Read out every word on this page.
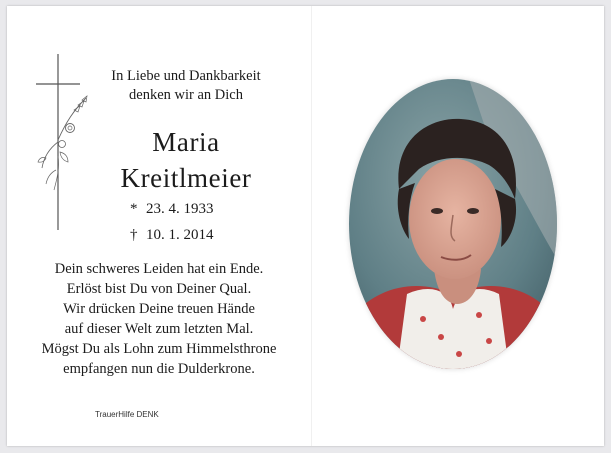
In Liebe und Dankbarkeit
denken wir an Dich
Maria
Kreitlmeier
* 23. 4. 1933
† 10. 1. 2014
Dein schweres Leiden hat ein Ende.
Erlöst bist Du von Deiner Qual.
Wir drücken Deine treuen Hände
auf dieser Welt zum letzten Mal.
Mögst Du als Lohn zum Himmelsthrone
empfangen nun die Dulderkrone.
TrauerHilfe DENK
